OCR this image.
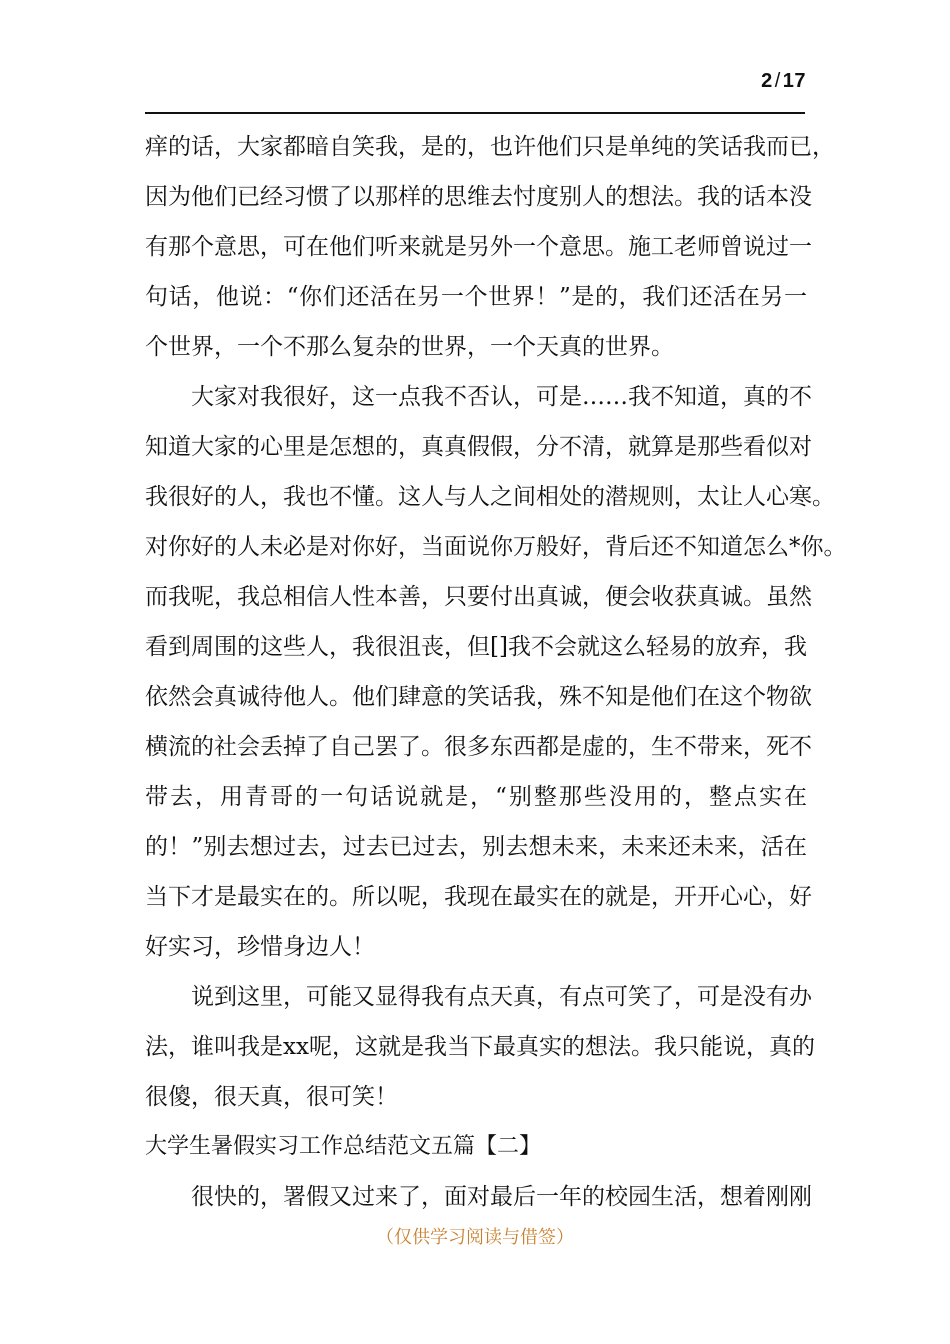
2 / 17
痒的话，大家都暗自笑我，是的，也许他们只是单纯的笑话我而已，
因为他们已经习惯了以那样的思维去忖度别人的想法。我的话本没
有那个意思，可在他们听来就是另外一个意思。施工老师曾说过一
句话，他说：“你们还活在另一个世界！”是的，我们还活在另一
个世界，一个不那么复杂的世界，一个天真的世界。
大家对我很好，这一点我不否认，可是……我不知道，真的不
知道大家的心里是怎想的，真真假假，分不清，就算是那些看似对
我很好的人，我也不懂。这人与人之间相处的潜规则，太让人心寒。
对你好的人未必是对你好，当面说你万般好，背后还不知道怎么*你。
而我呢，我总相信人性本善，只要付出真诚，便会收获真诚。虽然
看到周围的这些人，我很沮丧，但[]我不会就这么轻易的放弃，我
依然会真诚待他人。他们肆意的笑话我，殊不知是他们在这个物欲
横流的社会丢掉了自己罢了。很多东西都是虚的，生不带来，死不
带去，用青哥的一句话说就是，“别整那些没用的，整点实在
的！”别去想过去，过去已过去，别去想未来，未来还未来，活在
当下才是最实在的。所以呢，我现在最实在的就是，开开心心，好
好实习，珍惜身边人！
说到这里，可能又显得我有点天真，有点可笑了，可是没有办
法，谁叫我是xx呢，这就是我当下最真实的想法。我只能说，真的
很傻，很天真，很可笑！
大学生暑假实习工作总结范文五篇【二】
很快的，署假又过来了，面对最后一年的校园生活，想着刚刚
（仅供学习阅读与借签）
